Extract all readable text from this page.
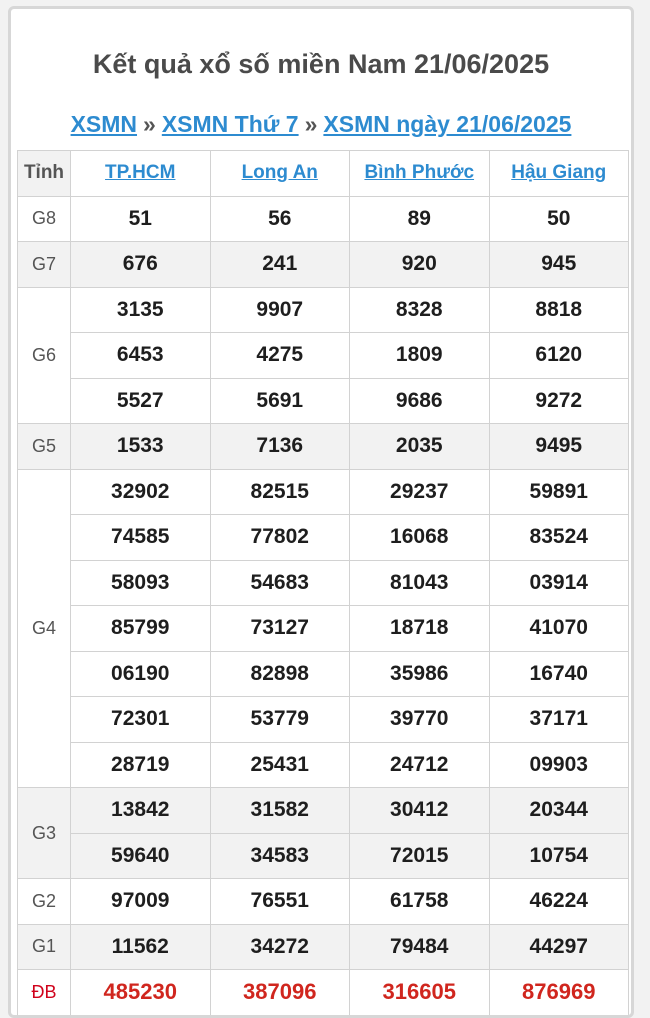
Kết quả xổ số miền Nam 21/06/2025
XSMN » XSMN Thứ 7 » XSMN ngày 21/06/2025
Tỉnh	TP.HCM	Long An	Bình Phước	Hậu Giang
G8	51	56	89	50
G7	676	241	920	945
G6	3135	9907	8328	8818
	6453	4275	1809	6120
	5527	5691	9686	9272
G5	1533	7136	2035	9495
G4	32902	82515	29237	59891
	74585	77802	16068	83524
	58093	54683	81043	03914
	85799	73127	18718	41070
	06190	82898	35986	16740
	72301	53779	39770	37171
	28719	25431	24712	09903
G3	13842	31582	30412	20344
	59640	34583	72015	10754
G2	97009	76551	61758	46224
G1	11562	34272	79484	44297
ĐB	485230	387096	316605	876969
